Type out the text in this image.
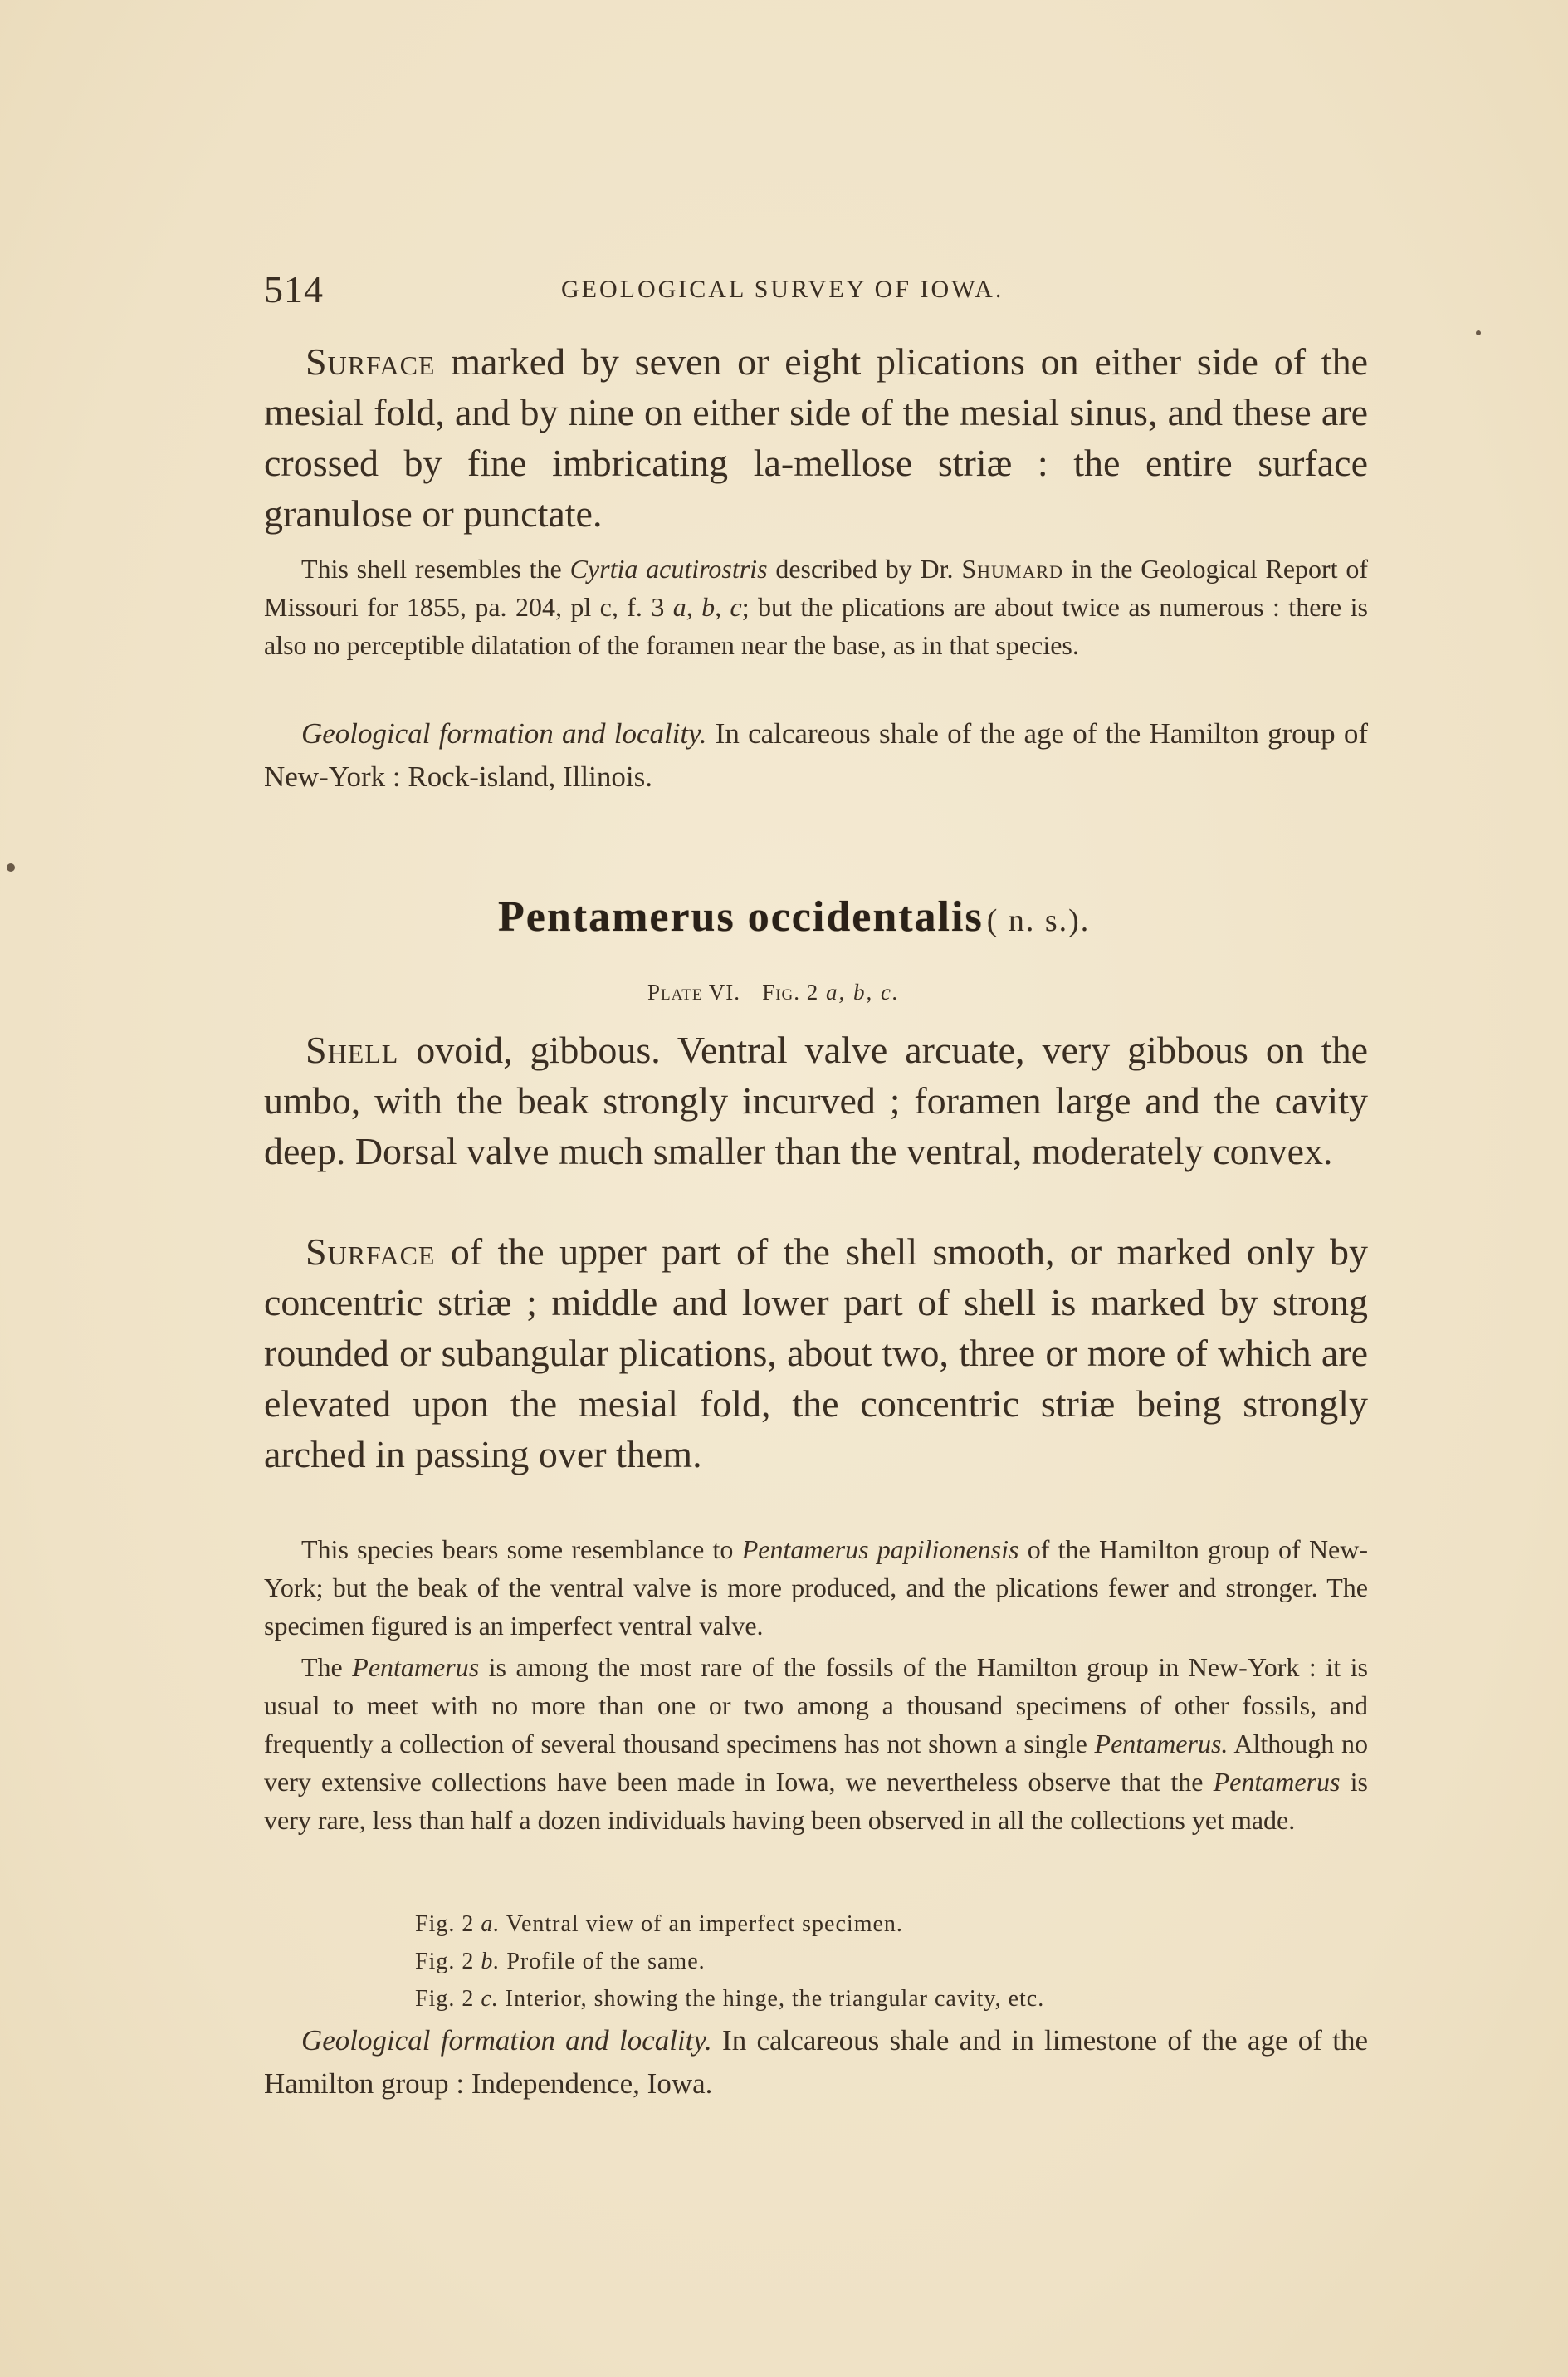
514	GEOLOGICAL SURVEY OF IOWA.

Surface marked by seven or eight plications on either side of the mesial fold, and by nine on either side of the mesial sinus, and these are crossed by fine imbricating la-mellose striæ : the entire surface granulose or punctate.

This shell resembles the Cyrtia acutirostris described by Dr. Shumard in the Geological Report of Missouri for 1855, pa. 204, pl c, f. 3 a, b, c; but the plications are about twice as numerous : there is also no perceptible dilatation of the foramen near the base, as in that species.

Geological formation and locality. In calcareous shale of the age of the Hamilton group of New-York : Rock-island, Illinois.

Pentamerus occidentalis ( n. s.).
Plate VI. Fig. 2 a, b, c.

Shell ovoid, gibbous. Ventral valve arcuate, very gibbous on the umbo, with the beak strongly incurved ; foramen large and the cavity deep. Dorsal valve much smaller than the ventral, moderately convex.

Surface of the upper part of the shell smooth, or marked only by concentric striæ ; middle and lower part of shell is marked by strong rounded or subangular plications, about two, three or more of which are elevated upon the mesial fold, the concentric striæ being strongly arched in passing over them.

This species bears some resemblance to Pentamerus papilionensis of the Hamilton group of New-York; but the beak of the ventral valve is more produced, and the plications fewer and stronger. The specimen figured is an imperfect ventral valve.

The Pentamerus is among the most rare of the fossils of the Hamilton group in New-York : it is usual to meet with no more than one or two among a thousand specimens of other fossils, and frequently a collection of several thousand specimens has not shown a single Pentamerus. Although no very extensive collections have been made in Iowa, we nevertheless observe that the Pentamerus is very rare, less than half a dozen individuals having been observed in all the collections yet made.

Fig. 2 a. Ventral view of an imperfect specimen.
Fig. 2 b. Profile of the same.
Fig. 2 c. Interior, showing the hinge, the triangular cavity, etc.

Geological formation and locality. In calcareous shale and in limestone of the age of the Hamilton group : Independence, Iowa.
